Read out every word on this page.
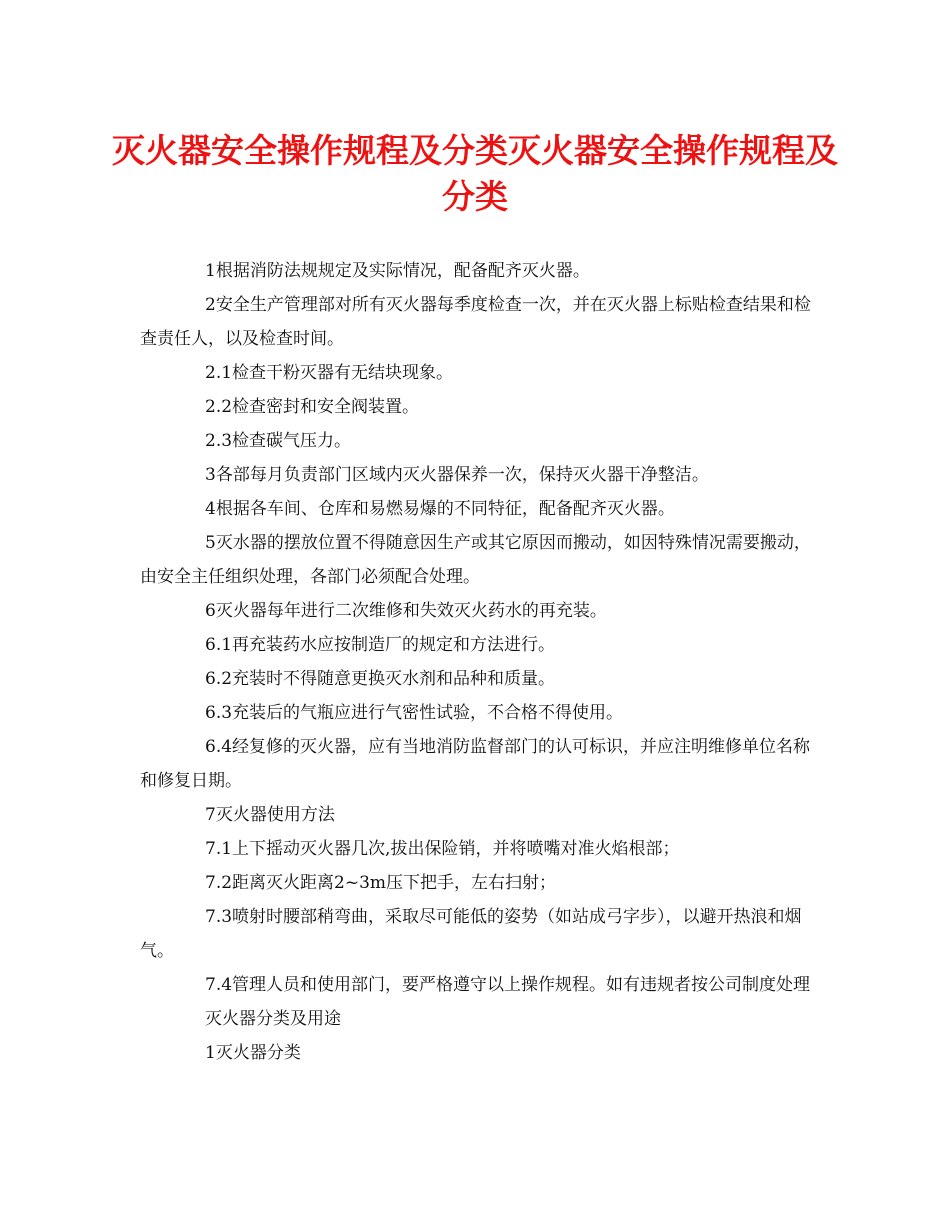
灭火器安全操作规程及分类灭火器安全操作规程及分类

1根据消防法规规定及实际情况，配备配齐灭火器。

2安全生产管理部对所有灭火器每季度检查一次，并在灭火器上标贴检查结果和检查责任人，以及检查时间。

2.1检查干粉灭器有无结块现象。

2.2检查密封和安全阀装置。

2.3检查碳气压力。

3各部每月负责部门区域内灭火器保养一次，保持灭火器干净整洁。

4根据各车间、仓库和易燃易爆的不同特征，配备配齐灭火器。

5灭水器的摆放位置不得随意因生产或其它原因而搬动，如因特殊情况需要搬动，由安全主任组织处理，各部门必须配合处理。

6灭火器每年进行二次维修和失效灭火药水的再充装。

6.1再充装药水应按制造厂的规定和方法进行。

6.2充装时不得随意更换灭水剂和品种和质量。

6.3充装后的气瓶应进行气密性试验，不合格不得使用。

6.4经复修的灭火器，应有当地消防监督部门的认可标识，并应注明维修单位名称和修复日期。

7灭火器使用方法

7.1上下摇动灭火器几次,拔出保险销，并将喷嘴对准火焰根部；

7.2距离灭火距离2~3m压下把手，左右扫射；

7.3喷射时腰部稍弯曲，采取尽可能低的姿势（如站成弓字步），以避开热浪和烟气。

7.4管理人员和使用部门，要严格遵守以上操作规程。如有违规者按公司制度处理

灭火器分类及用途

1灭火器分类
